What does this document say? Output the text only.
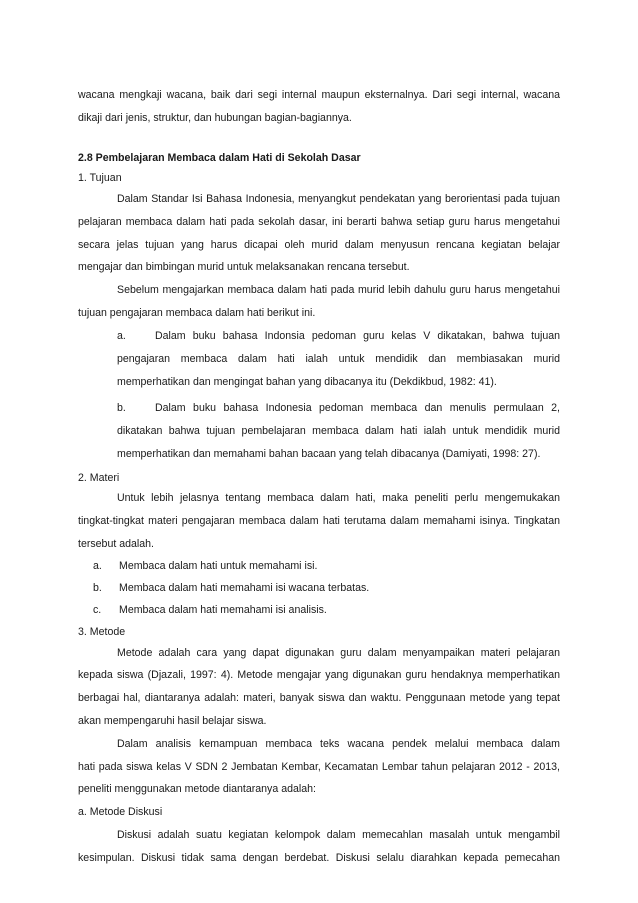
wacana mengkaji wacana, baik dari segi internal maupun eksternalnya. Dari segi internal, wacana
dikaji dari jenis, struktur, dan hubungan bagian-bagiannya.
2.8 Pembelajaran Membaca dalam Hati di Sekolah Dasar
1. Tujuan
Dalam Standar Isi Bahasa Indonesia, menyangkut pendekatan yang berorientasi pada tujuan
pelajaran membaca dalam hati pada sekolah dasar, ini berarti bahwa setiap guru harus mengetahui
secara jelas tujuan yang harus dicapai oleh murid dalam menyusun rencana kegiatan belajar
mengajar dan bimbingan murid untuk melaksanakan rencana tersebut.
Sebelum mengajarkan membaca dalam hati pada murid lebih dahulu guru harus mengetahui
tujuan pengajaran membaca dalam hati berikut ini.
a.	Dalam buku bahasa Indonsia pedoman guru kelas V dikatakan, bahwa tujuan
pengajaran membaca dalam hati ialah untuk mendidik dan membiasakan murid
memperhatikan dan mengingat bahan yang dibacanya itu (Dekdikbud, 1982: 41).
b.	Dalam buku bahasa Indonesia pedoman membaca dan menulis permulaan 2,
dikatakan bahwa tujuan pembelajaran membaca dalam hati ialah untuk mendidik murid
memperhatikan dan memahami bahan bacaan yang telah dibacanya (Damiyati, 1998: 27).
2. Materi
Untuk lebih jelasnya tentang membaca dalam hati, maka peneliti perlu mengemukakan
tingkat-tingkat materi pengajaran membaca dalam hati terutama dalam memahami isinya. Tingkatan
tersebut adalah.
a. Membaca dalam hati untuk memahami isi.
b. Membaca dalam hati memahami isi wacana terbatas.
c. Membaca dalam hati memahami isi analisis.
3. Metode
Metode adalah cara yang dapat digunakan guru dalam menyampaikan materi pelajaran
kepada siswa (Djazali, 1997: 4). Metode mengajar yang digunakan guru hendaknya memperhatikan
berbagai hal, diantaranya adalah: materi, banyak siswa dan waktu. Penggunaan metode yang tepat
akan mempengaruhi hasil belajar siswa.
Dalam analisis kemampuan membaca teks wacana pendek melalui membaca dalam
hati pada siswa kelas V SDN 2 Jembatan Kembar, Kecamatan Lembar tahun pelajaran 2012 - 2013,
peneliti menggunakan metode diantaranya adalah:
a. Metode Diskusi
Diskusi adalah suatu kegiatan kelompok dalam memecahlan masalah untuk mengambil
kesimpulan. Diskusi tidak sama dengan berdebat. Diskusi selalu diarahkan kepada pemecahan
